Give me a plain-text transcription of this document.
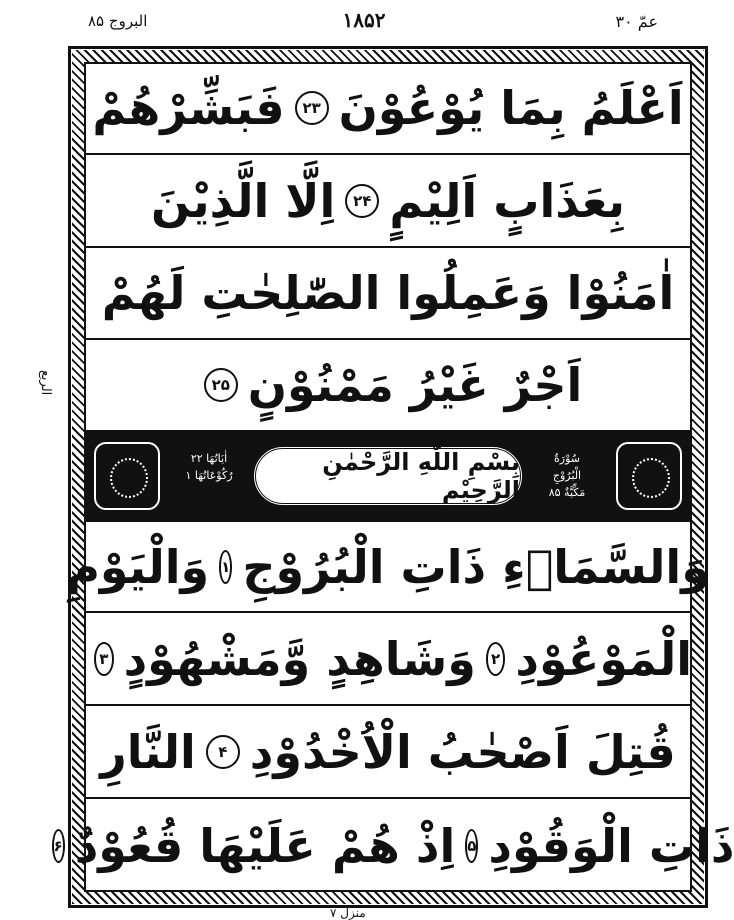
البروج ۸۵	۱۸۵۲	عمّ ۳۰
الربع
اَعْلَمُ بِمَا يُوْعُوْنَ
۲۳
فَبَشِّرْهُمْ
بِعَذَابٍ اَلِيْمٍ
۲۴
اِلَّا الَّذِيْنَ
اٰمَنُوْا وَعَمِلُوا الصّٰلِحٰتِ لَهُمْ
اَجْرٌ غَيْرُ مَمْنُوْنٍ
۲۵
سُوْرَةُ
الْبُرُوْجِ
مَكِّيَّةٌ ۸۵
اٰيَاتُهَا ۲۲
رُكُوْعَاتُهَا ۱	بِسْمِ اللّٰهِ الرَّحْمٰنِ الرَّحِيْمِ
وَالسَّمَاۤءِ ذَاتِ الْبُرُوْجِ
۱
وَالْيَوْمِ
الْمَوْعُوْدِ
۲
وَشَاهِدٍ وَّمَشْهُوْدٍ
۳
قُتِلَ اَصْحٰبُ الْاُخْدُوْدِ
۴
النَّارِ
ذَاتِ الْوَقُوْدِ
۵
اِذْ هُمْ عَلَيْهَا قُعُوْدٌ
۶
منزل ۷
